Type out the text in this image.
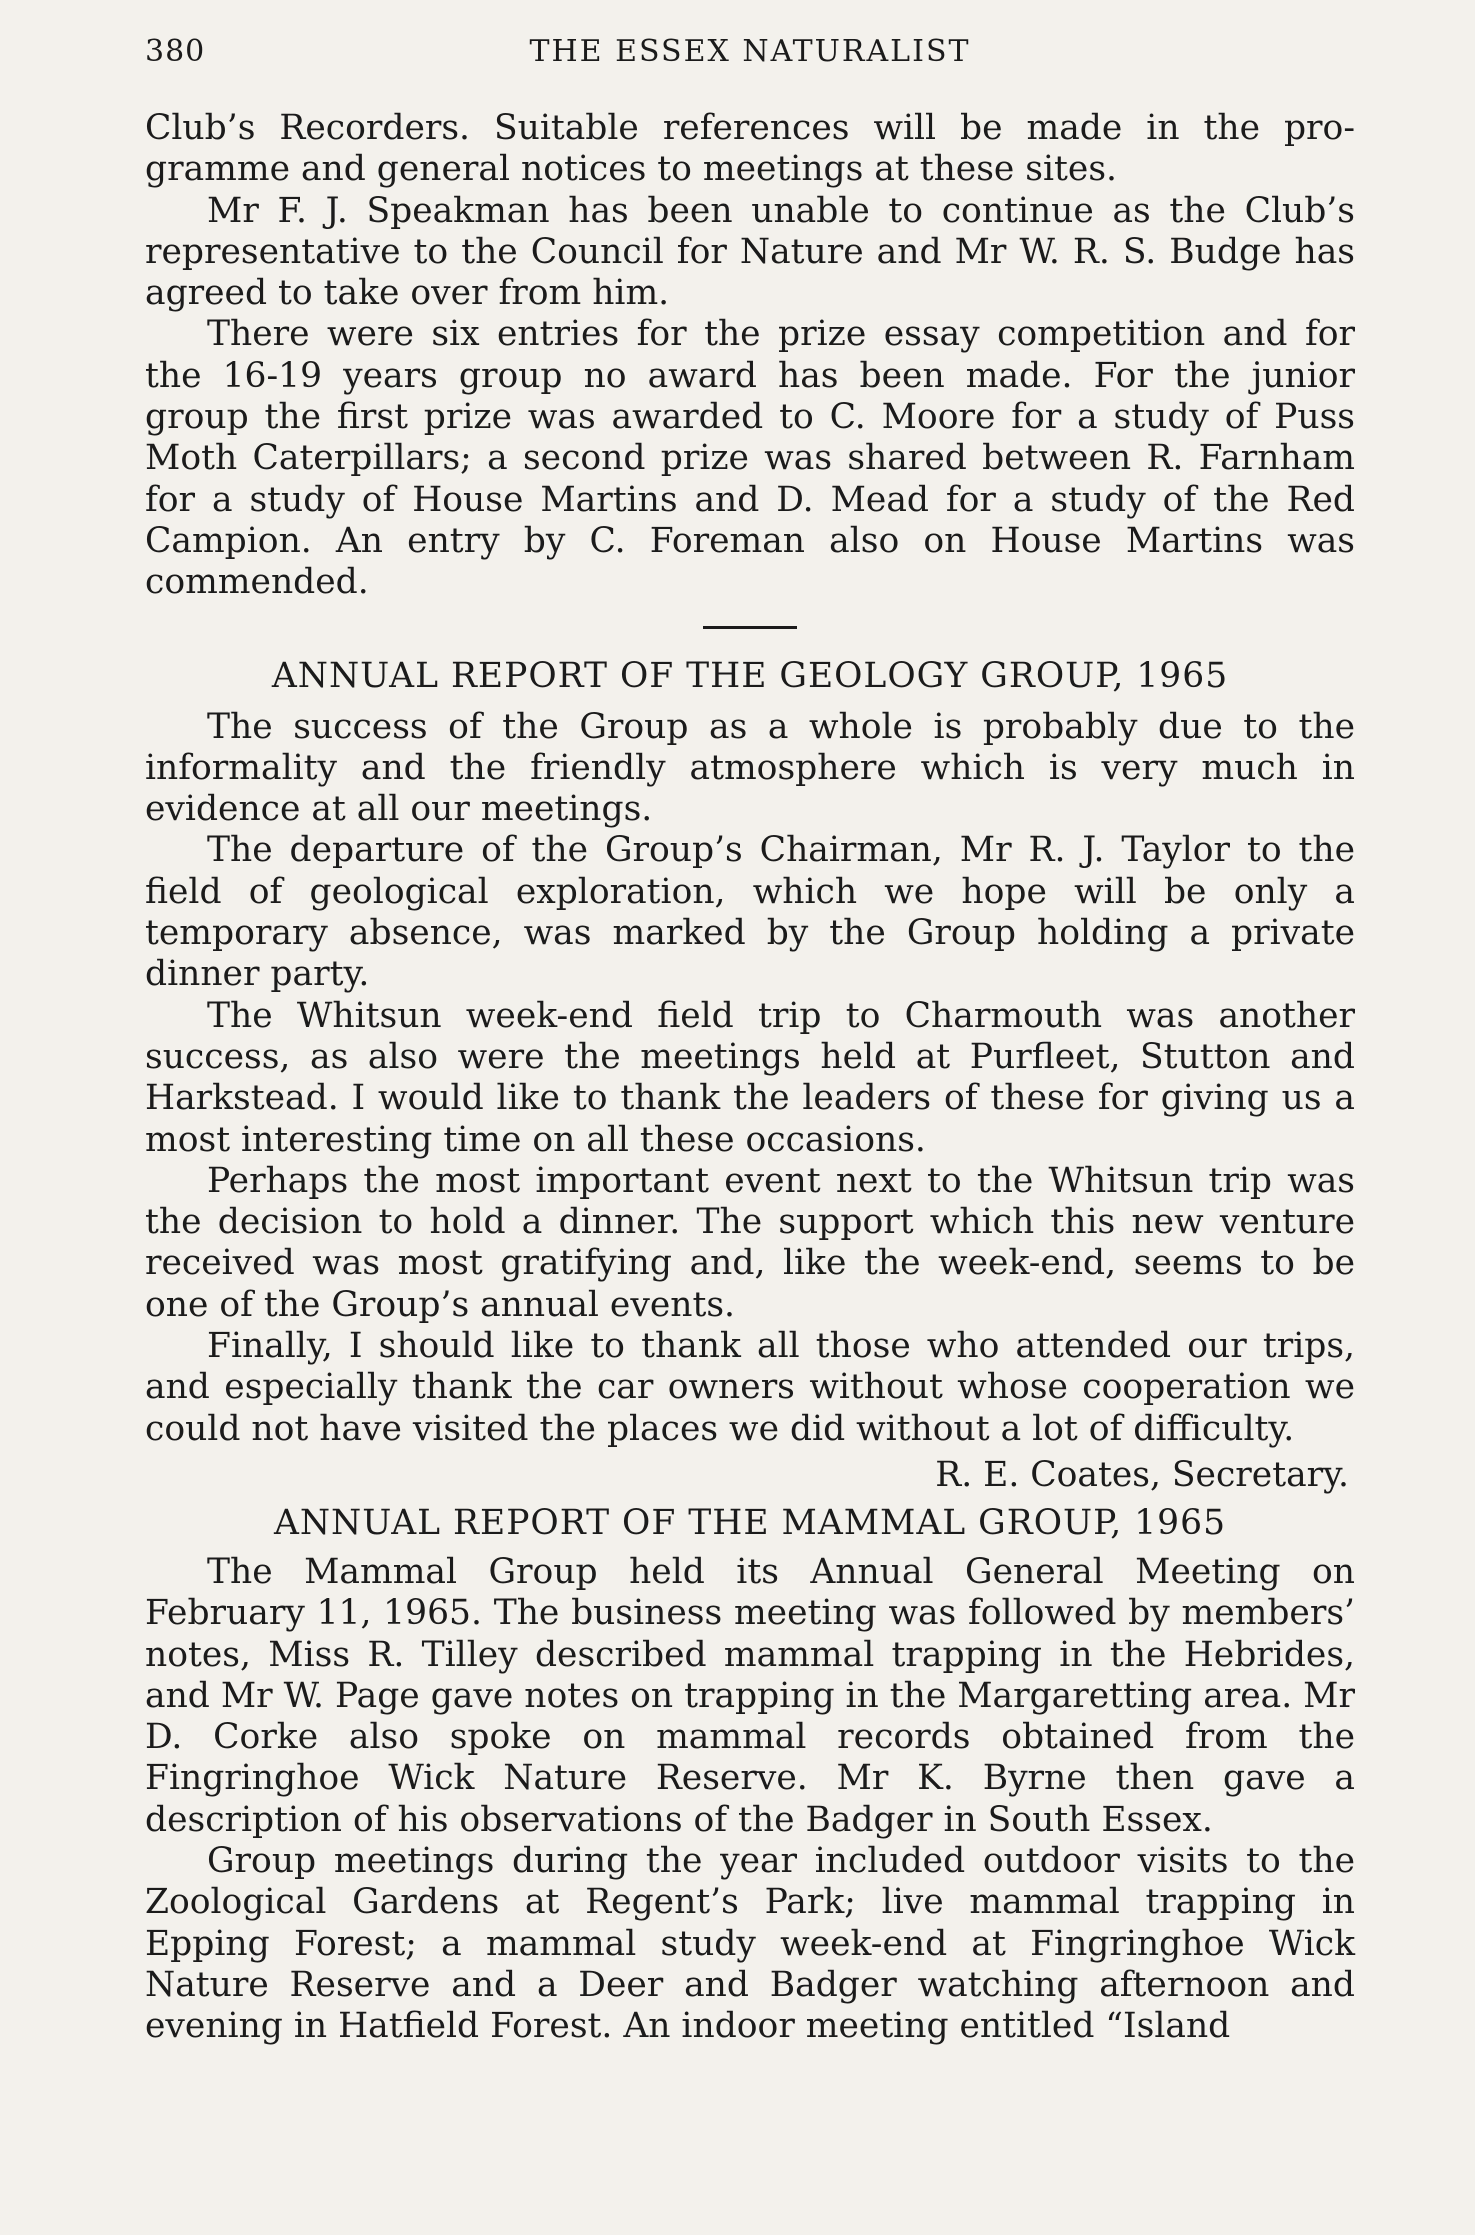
380	THE ESSEX NATURALIST

Club’s Recorders. Suitable references will be made in the programme and general notices to meetings at these sites.

Mr F. J. Speakman has been unable to continue as the Club’s representative to the Council for Nature and Mr W. R. S. Budge has agreed to take over from him.

There were six entries for the prize essay competition and for the 16-19 years group no award has been made. For the junior group the first prize was awarded to C. Moore for a study of Puss Moth Caterpillars; a second prize was shared between R. Farnham for a study of House Martins and D. Mead for a study of the Red Campion. An entry by C. Foreman also on House Martins was commended.

ANNUAL REPORT OF THE GEOLOGY GROUP, 1965

The success of the Group as a whole is probably due to the informality and the friendly atmosphere which is very much in evidence at all our meetings.

The departure of the Group’s Chairman, Mr R. J. Taylor to the field of geological exploration, which we hope will be only a temporary absence, was marked by the Group holding a private dinner party.

The Whitsun week-end field trip to Charmouth was another success, as also were the meetings held at Purfleet, Stutton and Harkstead. I would like to thank the leaders of these for giving us a most interesting time on all these occasions.

Perhaps the most important event next to the Whitsun trip was the decision to hold a dinner. The support which this new venture received was most gratifying and, like the week-end, seems to be one of the Group’s annual events.

Finally, I should like to thank all those who attended our trips, and especially thank the car owners without whose cooperation we could not have visited the places we did without a lot of difficulty.

R. E. Coates, Secretary.
ANNUAL REPORT OF THE MAMMAL GROUP, 1965

The Mammal Group held its Annual General Meeting on February 11, 1965. The business meeting was followed by members’ notes, Miss R. Tilley described mammal trapping in the Hebrides, and Mr W. Page gave notes on trapping in the Margaretting area. Mr D. Corke also spoke on mammal records obtained from the Fingringhoe Wick Nature Reserve. Mr K. Byrne then gave a description of his observations of the Badger in South Essex.

Group meetings during the year included outdoor visits to the Zoological Gardens at Regent’s Park; live mammal trapping in Epping Forest; a mammal study week-end at Fingringhoe Wick Nature Reserve and a Deer and Badger watching afternoon and evening in Hatfield Forest. An indoor meeting entitled “Island
